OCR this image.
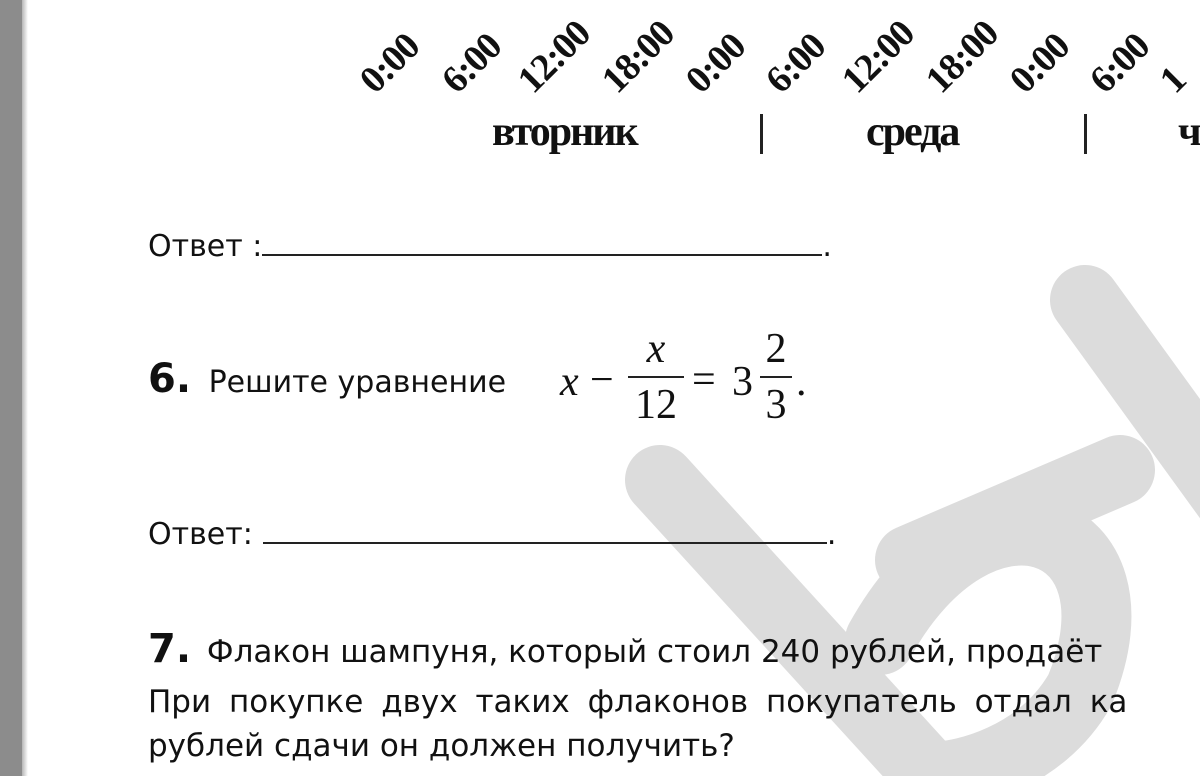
0:00 6:00 12:00
18:00
0:00 6:00 12:00
18:00
0:00 6:00
1
вторник	среда	ч
Ответ :	.
6. Решите уравнение x −
x
12
= 3
2
3 .
Ответ:	.
7. Флакон шампуня, который стоил 240 рублей, продаёт
При покупке двух таких флаконов покупатель отдал ка
рублей сдачи он должен получить?
